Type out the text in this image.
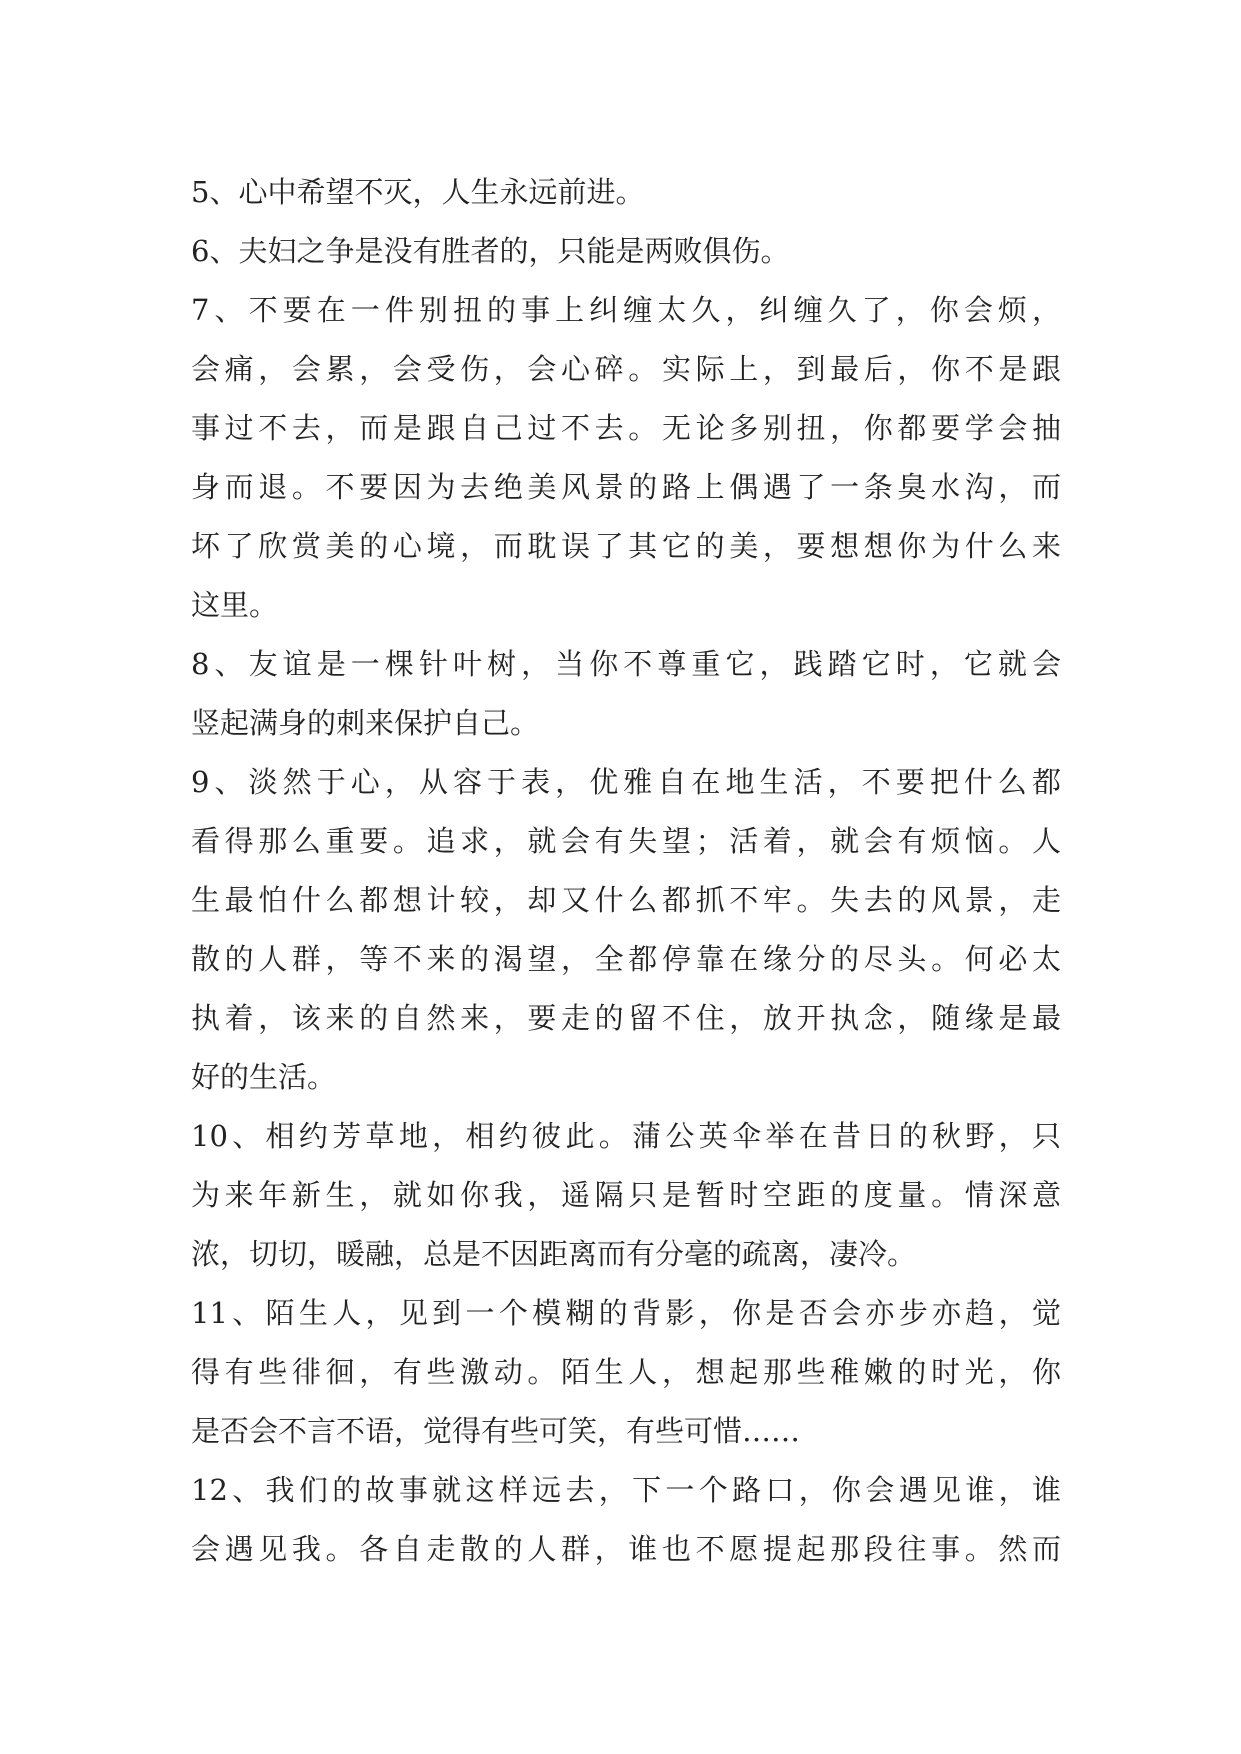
5、心中希望不灭，人生永远前进。
6、夫妇之争是没有胜者的，只能是两败俱伤。
7、不要在一件别扭的事上纠缠太久，纠缠久了，你会烦，
会痛，会累，会受伤，会心碎。实际上，到最后，你不是跟
事过不去，而是跟自己过不去。无论多别扭，你都要学会抽
身而退。不要因为去绝美风景的路上偶遇了一条臭水沟，而
坏了欣赏美的心境，而耽误了其它的美，要想想你为什么来
这里。
8、友谊是一棵针叶树，当你不尊重它，践踏它时，它就会
竖起满身的刺来保护自己。
9、淡然于心，从容于表，优雅自在地生活，不要把什么都
看得那么重要。追求，就会有失望；活着，就会有烦恼。人
生最怕什么都想计较，却又什么都抓不牢。失去的风景，走
散的人群，等不来的渴望，全都停靠在缘分的尽头。何必太
执着，该来的自然来，要走的留不住，放开执念，随缘是最
好的生活。
10、相约芳草地，相约彼此。蒲公英伞举在昔日的秋野，只
为来年新生，就如你我，遥隔只是暂时空距的度量。情深意
浓，切切，暖融，总是不因距离而有分毫的疏离，凄冷。
11、陌生人，见到一个模糊的背影，你是否会亦步亦趋，觉
得有些徘徊，有些激动。陌生人，想起那些稚嫩的时光，你
是否会不言不语，觉得有些可笑，有些可惜……
12、我们的故事就这样远去，下一个路口，你会遇见谁，谁
会遇见我。各自走散的人群，谁也不愿提起那段往事。然而
